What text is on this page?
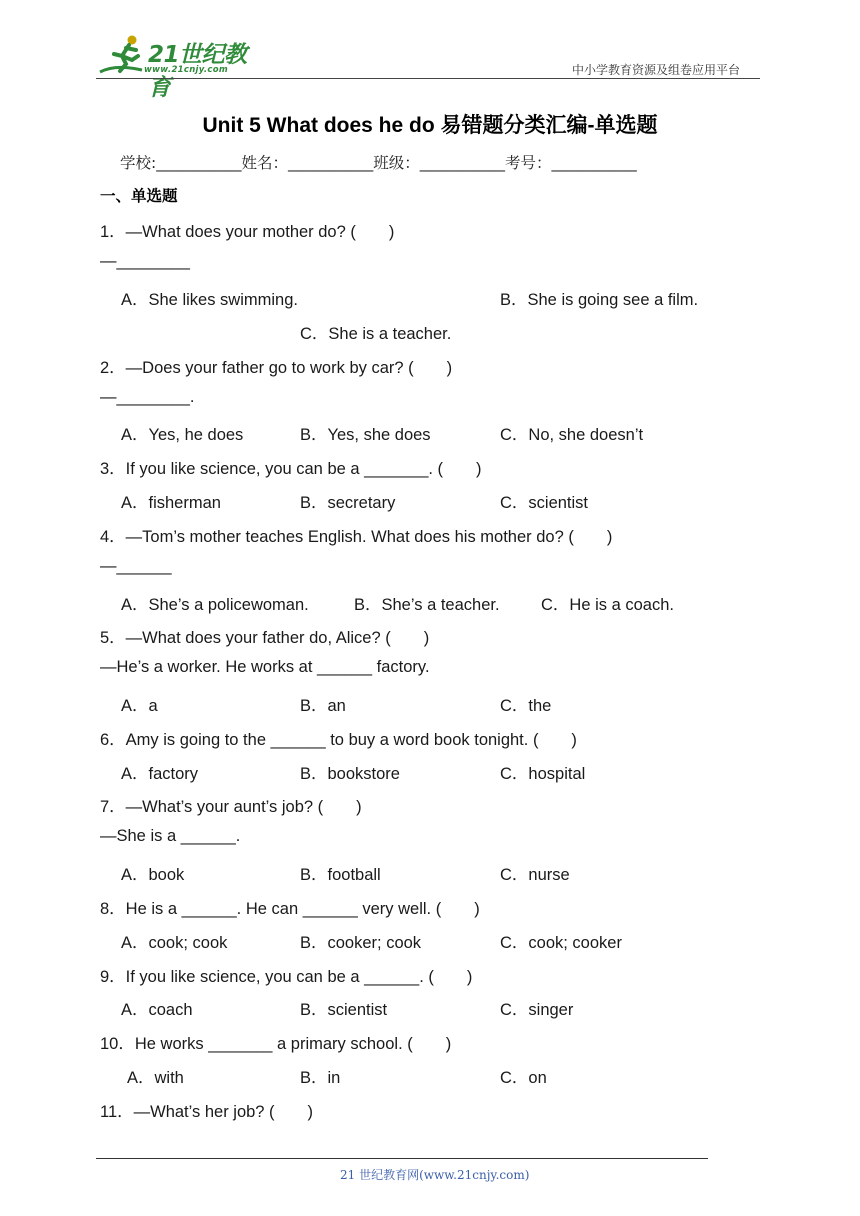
21世纪教育
www.21cnjy.com	中小学教育资源及组卷应用平台
Unit 5 What does he do 易错题分类汇编-单选题
学校:___________姓名：___________班级：___________考号：___________
一、单选题
1．—What does your mother do? (　　)
—________
A．She likes swimming.	B．She is going see a film.
C．She is a teacher.
2．—Does your father go to work by car? (　　)
—________.
A．Yes, he does	B．Yes, she does	C．No, she doesn’t
3．If you like science, you can be a _______. (　　)
A．fisherman	B．secretary	C．scientist
4．—Tom’s mother teaches English. What does his mother do? (　　)
—______
A．She’s a policewoman.	B．She’s a teacher.	C．He is a coach.
5．—What does your father do, Alice? (　　)
—He’s a worker. He works at ______ factory.
A．a	B．an	C．the
6．Amy is going to the ______ to buy a word book tonight. (　　)
A．factory	B．bookstore	C．hospital
7．—What’s your aunt’s job? (　　)
—She is a ______.
A．book	B．football	C．nurse
8．He is a ______. He can ______ very well. (　　)
A．cook; cook	B．cooker; cook	C．cook; cooker
9．If you like science, you can be a ______. (　　)
A．coach	B．scientist	C．singer
10．He works _______ a primary school. (　　)
A．with	B．in	C．on
11．—What’s her job? (　　)
21 世纪教育网(www.21cnjy.com)
